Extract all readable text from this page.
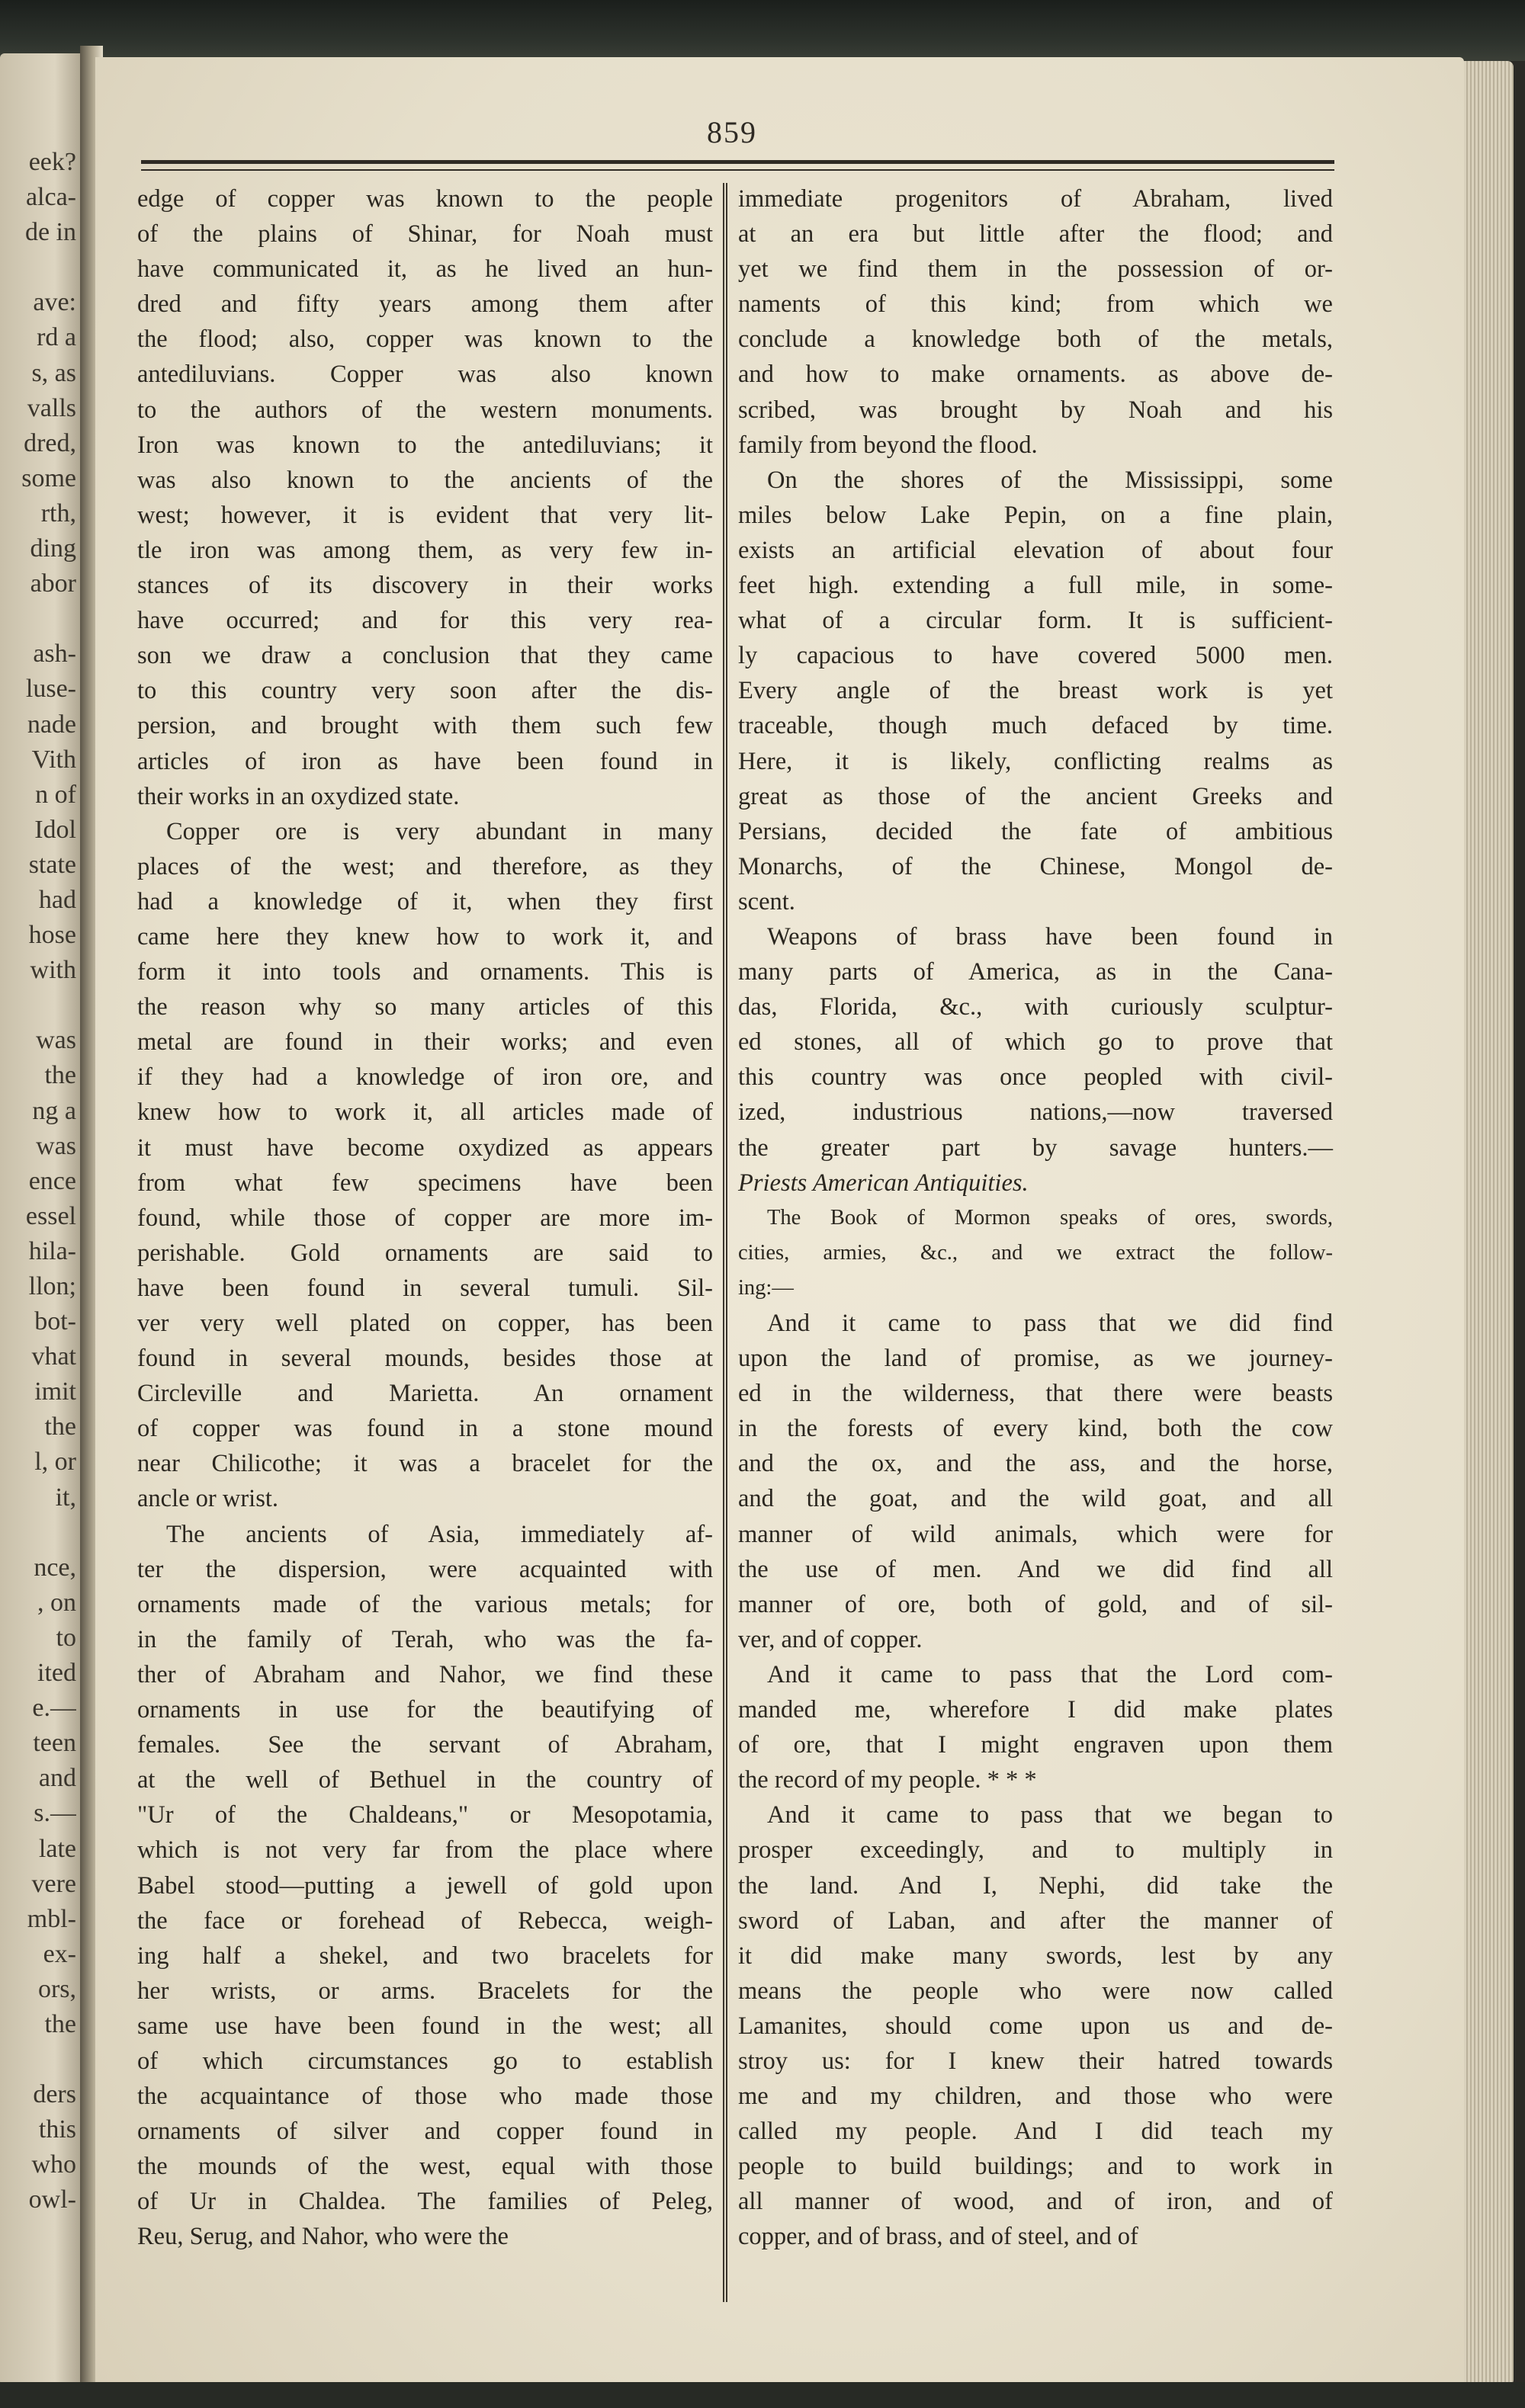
eek?
alca-
de in
ave:
rd a
s, as
valls
dred,
some
rth,
ding
abor
ash-
luse-
nade
Vith
n of
Idol
state
had
hose
with
was
the
ng a
was
ence
essel
hila-
llon;
bot-
vhat
imit
the
l, or
it,
nce,
, on
to
ited
e.—
teen
and
s.—
late
vere
mbl-
ex-
ors,
the
ders
this
who
owl-
859
edge of copper was known to the people
of the plains of Shinar, for Noah must
have communicated it, as he lived an hun-
dred and fifty years among them after
the flood; also, copper was known to the
antediluvians. Copper was also known
to the authors of the western monuments.
Iron was known to the antediluvians; it
was also known to the ancients of the
west; however, it is evident that very lit-
tle iron was among them, as very few in-
stances of its discovery in their works
have occurred; and for this very rea-
son we draw a conclusion that they came
to this country very soon after the dis-
persion, and brought with them such few
articles of iron as have been found in
their works in an oxydized state.
Copper ore is very abundant in many
places of the west; and therefore, as they
had a knowledge of it, when they first
came here they knew how to work it, and
form it into tools and ornaments. This is
the reason why so many articles of this
metal are found in their works; and even
if they had a knowledge of iron ore, and
knew how to work it, all articles made of
it must have become oxydized as appears
from what few specimens have been
found, while those of copper are more im-
perishable. Gold ornaments are said to
have been found in several tumuli. Sil-
ver very well plated on copper, has been
found in several mounds, besides those at
Circleville and Marietta. An ornament
of copper was found in a stone mound
near Chilicothe; it was a bracelet for the
ancle or wrist.
The ancients of Asia, immediately af-
ter the dispersion, were acquainted with
ornaments made of the various metals; for
in the family of Terah, who was the fa-
ther of Abraham and Nahor, we find these
ornaments in use for the beautifying of
females. See the servant of Abraham,
at the well of Bethuel in the country of
"Ur of the Chaldeans," or Mesopotamia,
which is not very far from the place where
Babel stood—putting a jewell of gold upon
the face or forehead of Rebecca, weigh-
ing half a shekel, and two bracelets for
her wrists, or arms. Bracelets for the
same use have been found in the west; all
of which circumstances go to establish
the acquaintance of those who made those
ornaments of silver and copper found in
the mounds of the west, equal with those
of Ur in Chaldea. The families of Peleg,
Reu, Serug, and Nahor, who were the
immediate progenitors of Abraham, lived
at an era but little after the flood; and
yet we find them in the possession of or-
naments of this kind; from which we
conclude a knowledge both of the metals,
and how to make ornaments. as above de-
scribed, was brought by Noah and his
family from beyond the flood.
On the shores of the Mississippi, some
miles below Lake Pepin, on a fine plain,
exists an artificial elevation of about four
feet high. extending a full mile, in some-
what of a circular form. It is sufficient-
ly capacious to have covered 5000 men.
Every angle of the breast work is yet
traceable, though much defaced by time.
Here, it is likely, conflicting realms as
great as those of the ancient Greeks and
Persians, decided the fate of ambitious
Monarchs, of the Chinese, Mongol de-
scent.
Weapons of brass have been found in
many parts of America, as in the Cana-
das, Florida, &c., with curiously sculptur-
ed stones, all of which go to prove that
this country was once peopled with civil-
ized, industrious nations,—now traversed
the greater part by savage hunters.—
Priests American Antiquities.
The Book of Mormon speaks of ores, swords,
cities, armies, &c., and we extract the follow-
ing:—
And it came to pass that we did find
upon the land of promise, as we journey-
ed in the wilderness, that there were beasts
in the forests of every kind, both the cow
and the ox, and the ass, and the horse,
and the goat, and the wild goat, and all
manner of wild animals, which were for
the use of men. And we did find all
manner of ore, both of gold, and of sil-
ver, and of copper.
And it came to pass that the Lord com-
manded me, wherefore I did make plates
of ore, that I might engraven upon them
the record of my people. * * *
And it came to pass that we began to
prosper exceedingly, and to multiply in
the land. And I, Nephi, did take the
sword of Laban, and after the manner of
it did make many swords, lest by any
means the people who were now called
Lamanites, should come upon us and de-
stroy us: for I knew their hatred towards
me and my children, and those who were
called my people. And I did teach my
people to build buildings; and to work in
all manner of wood, and of iron, and of
copper, and of brass, and of steel, and of
